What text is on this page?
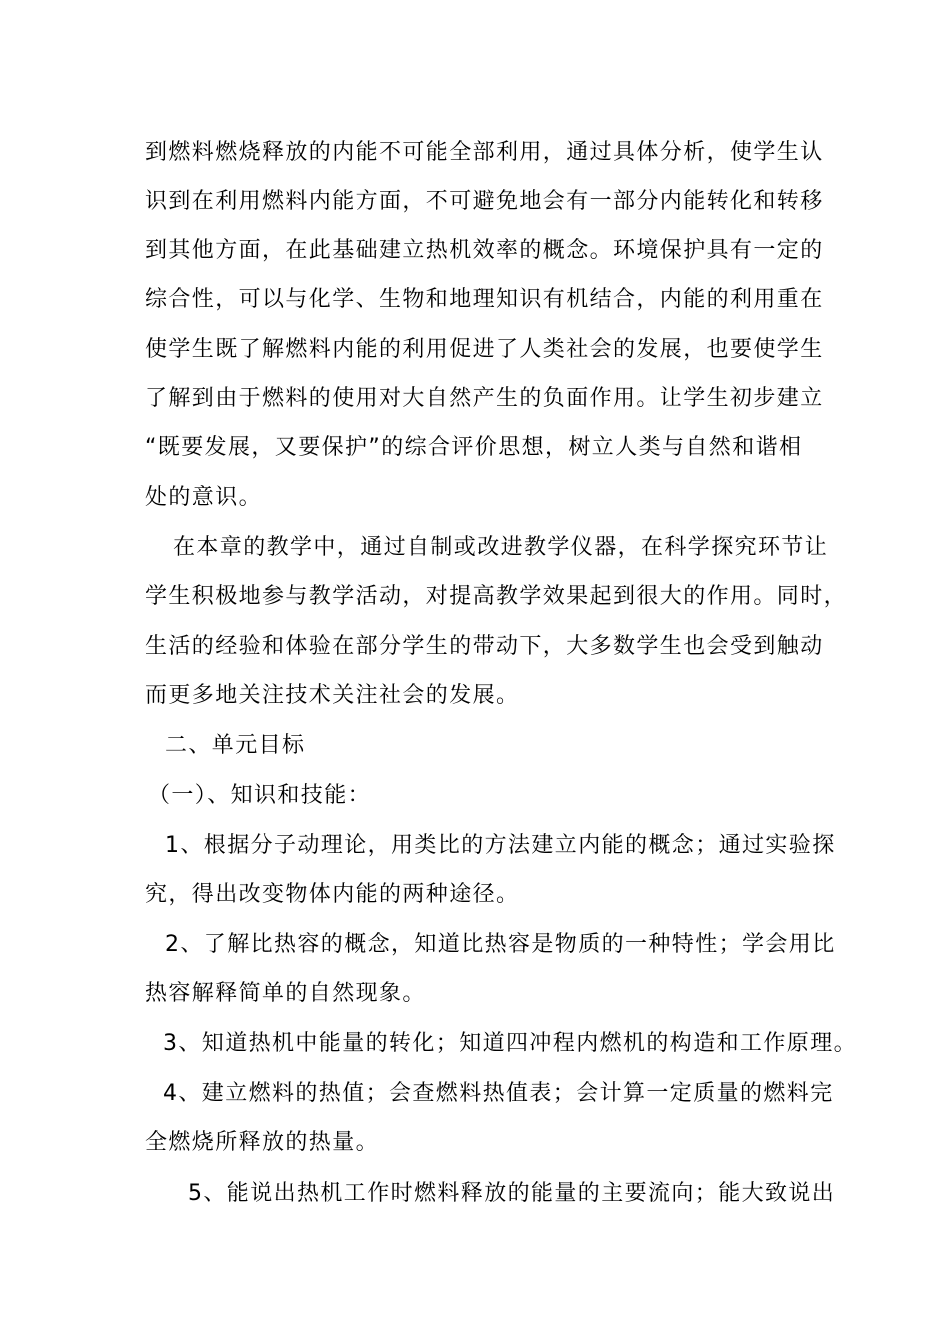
到燃料燃烧释放的内能不可能全部利用，通过具体分析，使学生认
识到在利用燃料内能方面，不可避免地会有一部分内能转化和转移
到其他方面，在此基础建立热机效率的概念。环境保护具有一定的
综合性，可以与化学、生物和地理知识有机结合，内能的利用重在
使学生既了解燃料内能的利用促进了人类社会的发展，也要使学生
了解到由于燃料的使用对大自然产生的负面作用。让学生初步建立
“既要发展，又要保护”的综合评价思想，树立人类与自然和谐相
处的意识。
在本章的教学中，通过自制或改进教学仪器，在科学探究环节让
学生积极地参与教学活动，对提高教学效果起到很大的作用。同时，
生活的经验和体验在部分学生的带动下，大多数学生也会受到触动
而更多地关注技术关注社会的发展。
二、单元目标
（一）、知识和技能：
1、根据分子动理论，用类比的方法建立内能的概念；通过实验探
究，得出改变物体内能的两种途径。
2、了解比热容的概念，知道比热容是物质的一种特性；学会用比
热容解释简单的自然现象。
3、知道热机中能量的转化；知道四冲程内燃机的构造和工作原理。
4、建立燃料的热值；会查燃料热值表；会计算一定质量的燃料完
全燃烧所释放的热量。
5、能说出热机工作时燃料释放的能量的主要流向；能大致说出
